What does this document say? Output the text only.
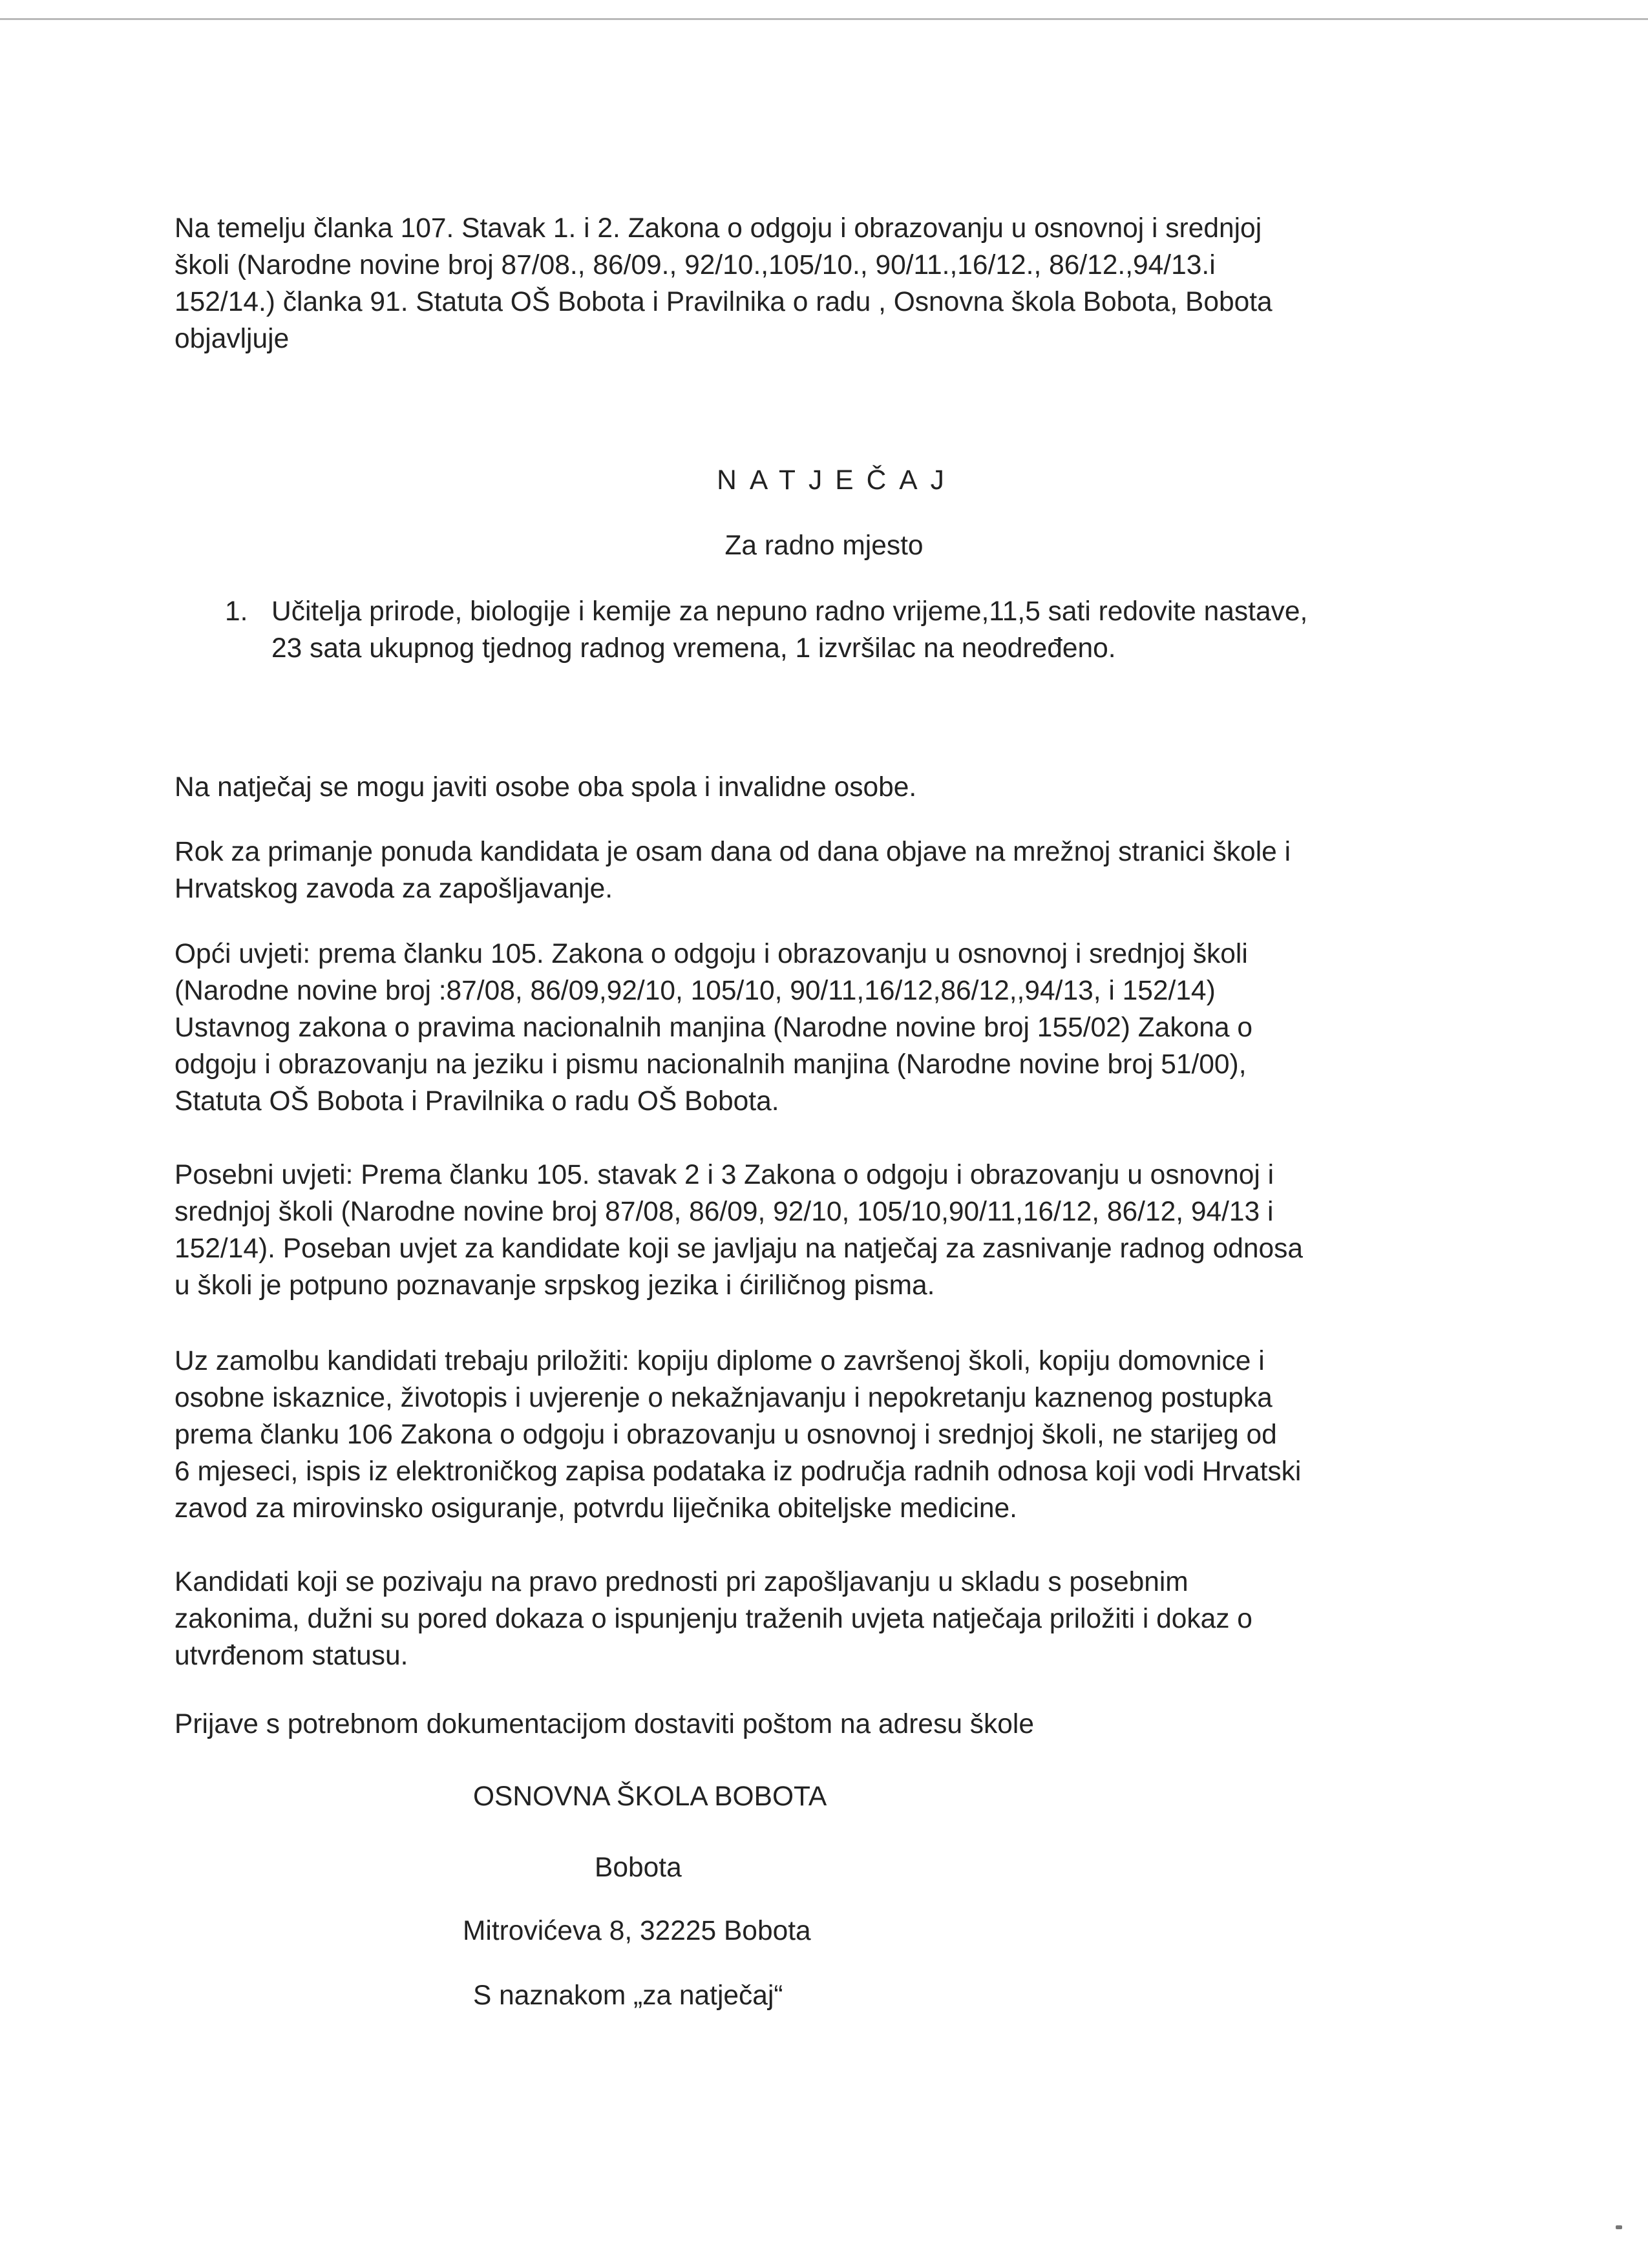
Na temelju članka 107. Stavak 1. i 2. Zakona o odgoju i obrazovanju u osnovnoj i srednjoj
školi (Narodne novine broj 87/08., 86/09., 92/10.,105/10., 90/11.,16/12., 86/12.,94/13.i
152/14.) članka 91. Statuta OŠ Bobota i Pravilnika o radu , Osnovna škola Bobota, Bobota
objavljuje

NATJEČAJ

Za radno mjesto

1. Učitelja prirode, biologije i kemije za nepuno radno vrijeme,11,5 sati redovite nastave,
23 sata ukupnog tjednog radnog vremena, 1 izvršilac na neodređeno.

Na natječaj se mogu javiti osobe oba spola i invalidne osobe.

Rok za primanje ponuda kandidata je osam dana od dana objave na mrežnoj stranici škole i
Hrvatskog zavoda za zapošljavanje.

Opći uvjeti: prema članku 105. Zakona o odgoju i obrazovanju u osnovnoj i srednjoj školi
(Narodne novine broj :87/08, 86/09,92/10, 105/10, 90/11,16/12,86/12,,94/13, i 152/14)
Ustavnog zakona o pravima nacionalnih manjina (Narodne novine broj 155/02) Zakona o
odgoju i obrazovanju na jeziku i pismu nacionalnih manjina (Narodne novine broj 51/00),
Statuta OŠ Bobota i Pravilnika o radu OŠ Bobota.

Posebni uvjeti: Prema članku 105. stavak 2 i 3 Zakona o odgoju i obrazovanju u osnovnoj i
srednjoj školi (Narodne novine broj 87/08, 86/09, 92/10, 105/10,90/11,16/12, 86/12, 94/13 i
152/14). Poseban uvjet za kandidate koji se javljaju na natječaj za zasnivanje radnog odnosa
u školi je potpuno poznavanje srpskog jezika i ćiriličnog pisma.

Uz zamolbu kandidati trebaju priložiti: kopiju diplome o završenoj školi, kopiju domovnice i
osobne iskaznice, životopis i uvjerenje o nekažnjavanju i nepokretanju kaznenog postupka
prema članku 106 Zakona o odgoju i obrazovanju u osnovnoj i srednjoj školi, ne starijeg od
6 mjeseci, ispis iz elektroničkog zapisa podataka iz područja radnih odnosa koji vodi Hrvatski
zavod za mirovinsko osiguranje, potvrdu liječnika obiteljske medicine.

Kandidati koji se pozivaju na pravo prednosti pri zapošljavanju u skladu s posebnim
zakonima, dužni su pored dokaza o ispunjenju traženih uvjeta natječaja priložiti i dokaz o
utvrđenom statusu.

Prijave s potrebnom dokumentacijom dostaviti poštom na adresu škole

OSNOVNA ŠKOLA BOBOTA
Bobota
Mitrovićeva 8, 32225 Bobota
S naznakom „za natječaj“
